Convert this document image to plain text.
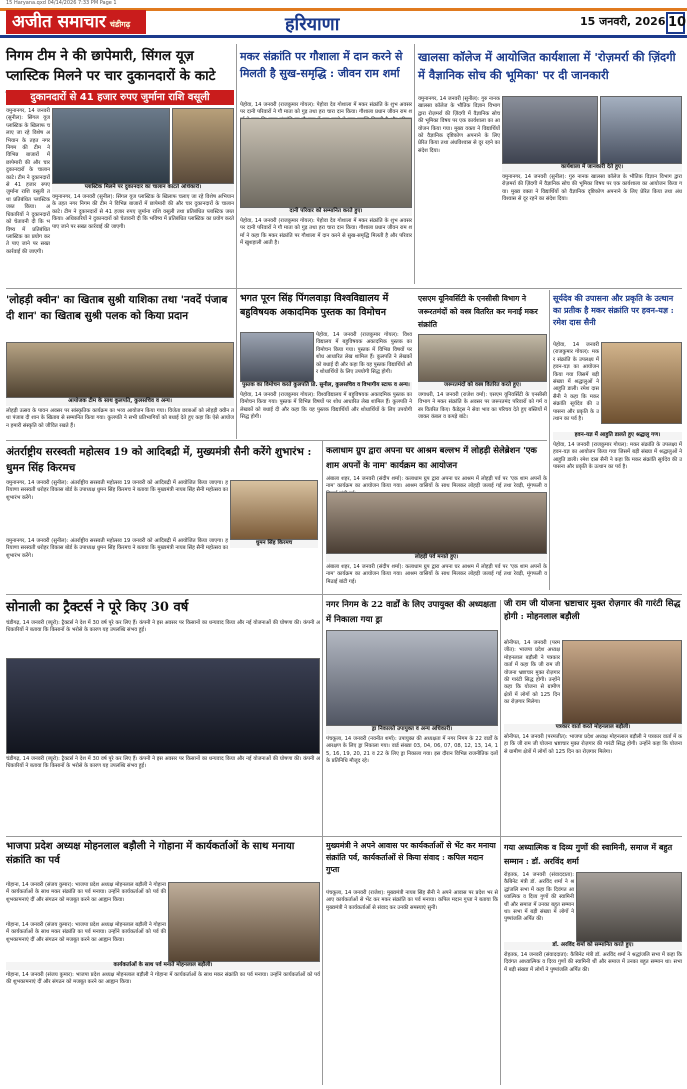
15 Haryana.qxd 04/14/2026 7:33 PM Page 1
अजीत समाचार चंडीगढ़	हरियाणा	15 जनवरी, 2026 10
निगम टीम ने की छापेमारी, सिंगल यूज़ प्लास्टिक मिलने पर चार दुकानदारों के काटे
दुकानदारों से 41 हजार रुपए जुर्माना राशि वसूली
यमुनानगर, 14 जनवरी (सुनील): सिंगल यूज प्लास्टिक के खिलाफ चलाए जा रहे विशेष अभियान के तहत नगर निगम की टीम ने विभिन्न बाजारों में छापेमारी की और चार दुकानदारों के चालान काटे। टीम ने दुकानदारों से 41 हजार रुपए जुर्माना राशि वसूली तथा प्रतिबंधित प्लास्टिक जब्त किया। अधिकारियों ने दुकानदारों को चेतावनी दी कि भविष्य में प्रतिबंधित प्लास्टिक का प्रयोग करते पाए जाने पर सख्त कार्रवाई की जाएगी।
प्लास्टिक मिलने पर दुकानदार का चालान काटते अधिकारी।
यमुनानगर, 14 जनवरी (सुनील): सिंगल यूज प्लास्टिक के खिलाफ चलाए जा रहे विशेष अभियान के तहत नगर निगम की टीम ने विभिन्न बाजारों में छापेमारी की और चार दुकानदारों के चालान काटे। टीम ने दुकानदारों से 41 हजार रुपए जुर्माना राशि वसूली तथा प्रतिबंधित प्लास्टिक जब्त किया। अधिकारियों ने दुकानदारों को चेतावनी दी कि भविष्य में प्रतिबंधित प्लास्टिक का प्रयोग करते पाए जाने पर सख्त कार्रवाई की जाएगी।
मकर संक्रांति पर गौशाला में दान करने से मिलती है सुख-समृद्धि : जीवन राम शर्मा
पेहोवा, 14 जनवरी (राजकुमार गोयल): पेहोवा देव गोशाला में मकर संक्रांति के शुभ अवसर पर दानी परिवारों ने गौ माता को गुड़ तथा हरा चारा दान किया। गौशाला प्रधान जीवन राम श
दानी परिवार को सम्मानित करते हुए।
पेहोवा, 14 जनवरी (राजकुमार गोयल): पेहोवा देव गोशाला में मकर संक्रांति के शुभ अवसर पर दानी परिवारों ने गौ माता को गुड़ तथा हरा चारा दान किया। गौशाला प्रधान जीवन राम शर्मा ने कहा कि मकर संक्रांति पर गौशाला में दान करने से सुख-समृद्धि मिलती है और परिवार में खुशहाली आती है।
खालसा कॉलेज में आयोजित कार्यशाला में 'रोज़मर्रा की ज़िंदगी में वैज्ञानिक सोच की भूमिका' पर दी जानकारी
यमुनानगर, 14 जनवरी (सुनील): गुरु नानक खालसा कॉलेज के भौतिक विज्ञान विभाग द्वारा रोज़मर्रा की ज़िंदगी में वैज्ञानिक सोच की भूमिका विषय पर एक कार्यशाला का आयोजन किया गया। मुख्य वक्ता ने विद्यार्थियों को वैज्ञानिक दृष्टिकोण अपनाने के लिए प्रेरित किया तथा अंधविश्वास से दूर रहने का संदेश दिया।
कार्यशाला में जानकारी देते हुए।
यमुनानगर, 14 जनवरी (सुनील): गुरु नानक खालसा कॉलेज के भौतिक विज्ञान विभाग द्वारा रोज़मर्रा की ज़िंदगी में वैज्ञानिक सोच की भूमिका विषय पर एक कार्यशाला का आयोजन किया गया। मुख्य वक्ता ने विद्यार्थियों को वैज्ञानिक दृष्टिकोण अपनाने के लिए प्रेरित किया तथा अंधविश्वास से दूर रहने का संदेश दिया।
'लोहड़ी क्वीन' का खिताब सुश्री याशिका तथा 'नवदें पंजाब दी शान' का खिताब सुश्री पलक को किया प्रदान
आयोजक टीम के साथ कुलपति, कुलसचिव व अन्य।
लोहड़ी उत्सव के पावन अवसर पर सांस्कृतिक कार्यक्रम का भव्य आयोजन किया गया। विजेता छात्राओं को लोहड़ी क्वीन तथा पंजाब दी शान के खिताब से सम्मानित किया गया। कुलपति ने सभी प्रतिभागियों को बधाई देते हुए कहा कि ऐसे आयोजन हमारी संस्कृति को जीवित रखते हैं।
भगत पूरन सिंह पिंगलवाड़ा विश्वविद्यालय में बहुविषयक अकादमिक पुस्तक का विमोचन
पुस्तक का विमोचन करते कुलपति प्रो. सुनील, कुलसचिव व विभागीय स्टाफ व अन्य।
पेहोवा, 14 जनवरी (राजकुमार गोयल): विश्वविद्यालय में बहुविषयक अकादमिक पुस्तक का विमोचन किया गया। पुस्तक में विभिन्न विषयों पर शोध आधारित लेख शामिल हैं। कुलपति ने लेखकों को बधाई दी और कहा कि यह पुस्तक विद्यार्थियों और शोधार्थियों के लिए उपयोगी सिद्ध होगी।
पेहोवा, 14 जनवरी (राजकुमार गोयल): विश्वविद्यालय में बहुविषयक अकादमिक पुस्तक का विमोचन किया गया। पुस्तक में विभिन्न विषयों पर शोध आधारित लेख शामिल हैं। कुलपति ने लेखकों को बधाई दी और कहा कि यह पुस्तक विद्यार्थियों और शोधार्थियों के लिए उपयोगी सिद्ध होगी।
एसएम यूनिवर्सिटी के एनसीसी विभाग ने जरूरतमंदों को वस्त्र वितरित कर मनाई मकर संक्रांति
जरूरतमंदों को वस्त्र वितरित करते हुए।
जगाधरी, 14 जनवरी (राजेश वर्मा): एसएम यूनिवर्सिटी के एनसीसी विभाग ने मकर संक्रांति के अवसर पर जरूरतमंद परिवारों को गर्म वस्त्र वितरित किए। कैडेट्स ने सेवा भाव का परिचय देते हुए बस्तियों में जाकर कंबल व कपड़े बांटे।
सूर्यदेव की उपासना और प्रकृति के उत्थान का प्रतीक है मकर संक्रांति पर हवन-यज्ञ : रमेश दास सैनी
पेहोवा, 14 जनवरी (राजकुमार गोयल): मकर संक्रांति के उपलक्ष्य में हवन-यज्ञ का आयोजन किया गया जिसमें बड़ी संख्या में श्रद्धालुओं ने आहुति डाली। रमेश दास सैनी ने कहा कि मकर संक्रांति सूर्यदेव की उपासना और प्रकृति के उत्थान का पर्व है।
हवन-यज्ञ में आहुति डालते हुए श्रद्धालु गण।
पेहोवा, 14 जनवरी (राजकुमार गोयल): मकर संक्रांति के उपलक्ष्य में हवन-यज्ञ का आयोजन किया गया जिसमें बड़ी संख्या में श्रद्धालुओं ने आहुति डाली। रमेश दास सैनी ने कहा कि मकर संक्रांति सूर्यदेव की उपासना और प्रकृति के उत्थान का पर्व है।
कलाधाम ग्रुप द्वारा अपना घर आश्रम बल्लभ में लोहड़ी सेलेब्रेशन 'एक शाम अपनों के नाम' कार्यक्रम का आयोजन
अंबाला शहर, 14 जनवरी (संदीप शर्मा): कलाधाम ग्रुप द्वारा अपना घर आश्रम में लोहड़ी पर्व पर 'एक शाम अपनों के नाम' कार्यक्रम का आयोजन किया गया। आश्रम वासियों के साथ मिलकर लोहड़ी जलाई गई तथा रेवड़ी, मूंगफली व
लोहड़ी पर्व मनाते हुए।
अंबाला शहर, 14 जनवरी (संदीप शर्मा): कलाधाम ग्रुप द्वारा अपना घर आश्रम में लोहड़ी पर्व पर 'एक शाम अपनों के नाम' कार्यक्रम का आयोजन किया गया। आश्रम वासियों के साथ मिलकर लोहड़ी जलाई गई तथा रेवड़ी, मूंगफली व मिठाई बांटी गई।
अंतर्राष्ट्रीय सरस्वती महोत्सव 19 को आदिबद्री में, मुख्यमंत्री सैनी करेंगे शुभारंभ : धुमन सिंह किरमच
यमुनानगर, 14 जनवरी (सुनील): अंतर्राष्ट्रीय सरस्वती महोत्सव 19 जनवरी को आदिबद्री में आयोजित किया जाएगा। हरियाणा सरस्वती धरोहर विकास बोर्ड के उपाध्यक्ष धुमन सिंह किरमच ने बताया कि मुख्यमंत्री नायब सिंह सैनी महोत्सव का शुभारंभ करेंगे।
धुमन सिंह किरमच
यमुनानगर, 14 जनवरी (सुनील): अंतर्राष्ट्रीय सरस्वती महोत्सव 19 जनवरी को आदिबद्री में आयोजित किया जाएगा। हरियाणा सरस्वती धरोहर विकास बोर्ड के उपाध्यक्ष धुमन सिंह किरमच ने बताया कि मुख्यमंत्री नायब सिंह सैनी महोत्सव का शुभारंभ करेंगे।
सोनाली का ट्रैक्टर्स ने पूरे किए 30 वर्ष
चंडीगढ़, 14 जनवरी (ब्यूरो): ट्रैक्टर्स ने देश में 30 वर्ष पूरे कर लिए हैं। कंपनी ने इस अवसर पर किसानों का धन्यवाद किया और नई योजनाओं की घोषणा की। कंपनी अधिकारियों ने बताया कि किसानों के भरोसे के कारण यह उपलब्धि संभव हुई।
चंडीगढ़, 14 जनवरी (ब्यूरो): ट्रैक्टर्स ने देश में 30 वर्ष पूरे कर लिए हैं। कंपनी ने इस अवसर पर किसानों का धन्यवाद किया और नई योजनाओं की घोषणा की। कंपनी अधिकारियों ने बताया कि किसानों के भरोसे के कारण यह उपलब्धि संभव हुई।
नगर निगम के 22 वार्डों के लिए उपायुक्त की अध्यक्षता में निकाला गया ड्रा
ड्रा निकालते उपायुक्त व अन्य अधिकारी।
पंचकूला, 14 जनवरी (नवनीत शर्मा): उपायुक्त की अध्यक्षता में नगर निगम के 22 वार्डों के आरक्षण के लिए ड्रा निकाला गया। वार्ड संख्या 03, 04, 06, 07, 08, 12, 13, 14, 15, 16, 19, 20, 21 व 22 के लिए ड्रा निकाला गया। इस दौरान विभिन्न राजनीतिक दलों के प्रतिनिधि मौजूद रहे।
जी राम जी योजना भ्रष्टाचार मुक्त रोज़गार की गारंटी सिद्ध होगी : मोहनलाल बड़ौली
सोनीपत, 14 जनवरी (परमजीत): भाजपा प्रदेश अध्यक्ष मोहनलाल बड़ौली ने पत्रकार वार्ता में कहा कि जी राम जी योजना भ्रष्टाचार मुक्त रोज़गार की गारंटी सिद्ध होगी। उन्होंने कहा कि योजना से ग्रामीण क्षेत्रों में लोगों को 125 दिन का रोज़गार मिलेगा।
पत्रकार वार्ता करते मोहनलाल बड़ौली।
सोनीपत, 14 जनवरी (परमजीत): भाजपा प्रदेश अध्यक्ष मोहनलाल बड़ौली ने पत्रकार वार्ता में कहा कि जी राम जी योजना भ्रष्टाचार मुक्त रोज़गार की गारंटी सिद्ध होगी। उन्होंने कहा कि योजना से ग्रामीण क्षेत्रों में लोगों को 125 दिन का रोज़गार मिलेगा।
भाजपा प्रदेश अध्यक्ष मोहनलाल बड़ौली ने गोहाना में कार्यकर्ताओं के साथ मनाया संक्रांति का पर्व
गोहाना, 14 जनवरी (संजय कुमार): भाजपा प्रदेश अध्यक्ष मोहनलाल बड़ौली ने गोहाना में कार्यकर्ताओं के साथ मकर संक्रांति का पर्व मनाया। उन्होंने कार्यकर्ताओं को पर्व की शुभकामनाएं दीं और संगठन को मजबूत करने का आह्वान किया।
कार्यकर्ताओं के साथ पर्व मनाते मोहनलाल बड़ौली।
गोहाना, 14 जनवरी (संजय कुमार): भाजपा प्रदेश अध्यक्ष मोहनलाल बड़ौली ने गोहाना में कार्यकर्ताओं के साथ मकर संक्रांति का पर्व मनाया। उन्होंने कार्यकर्ताओं को पर्व की शुभकामनाएं दीं और संगठन को मजबूत करने का आह्वान किया।
गोहाना, 14 जनवरी (संजय कुमार): भाजपा प्रदेश अध्यक्ष मोहनलाल बड़ौली ने गोहाना में कार्यकर्ताओं के साथ मकर संक्रांति का पर्व मनाया। उन्होंने कार्यकर्ताओं को पर्व की शुभकामनाएं दीं और संगठन को मजबूत करने का आह्वान किया।
मुख्यमंत्री ने अपने आवास पर कार्यकर्ताओं से भेंट कर मनाया संक्रांति पर्व, कार्यकर्ताओं से किया संवाद : कपिल मदान गुप्ता
पंचकूला, 14 जनवरी (राजेश): मुख्यमंत्री नायब सिंह सैनी ने अपने आवास पर प्रदेश भर से आए कार्यकर्ताओं से भेंट कर मकर संक्रांति का पर्व मनाया। कपिल मदान गुप्ता ने बताया कि मुख्यमंत्री ने कार्यकर्ताओं से संवाद कर उनकी समस्याएं सुनीं।
गया अध्यात्मिक व दिव्य गुणों की स्वामिनी, समाज में बहुत सम्मान : डॉ. अरविंद शर्मा
रोहतक, 14 जनवरी (संवाददाता): कैबिनेट मंत्री डॉ. अरविंद शर्मा ने श्रद्धांजलि सभा में कहा कि दिवंगत आध्यात्मिक व दिव्य गुणों की स्वामिनी थीं और समाज में उनका बहुत सम्मान था। सभा में बड़ी संख्या में लोगों ने पुष्पांजलि अर्पित की।
डॉ. अरविंद शर्मा को सम्मानित करते हुए।
रोहतक, 14 जनवरी (संवाददाता): कैबिनेट मंत्री डॉ. अरविंद शर्मा ने श्रद्धांजलि सभा में कहा कि दिवंगत आध्यात्मिक व दिव्य गुणों की स्वामिनी थीं और समाज में उनका बहुत सम्मान था। सभा में बड़ी संख्या में लोगों ने पुष्पांजलि अर्पित की।
